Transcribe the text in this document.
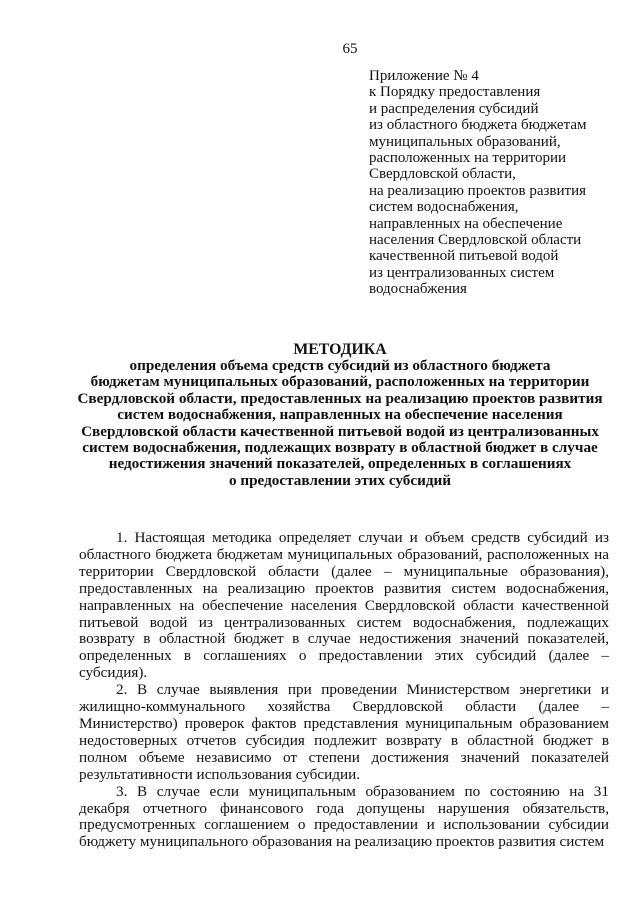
65
Приложение № 4
к Порядку предоставления
и распределения субсидий
из областного бюджета бюджетам
муниципальных образований,
расположенных на территории
Свердловской области,
на реализацию проектов развития
систем водоснабжения,
направленных на обеспечение
населения Свердловской области
качественной питьевой водой
из централизованных систем
водоснабжения
МЕТОДИКА
определения объема средств субсидий из областного бюджета
бюджетам муниципальных образований, расположенных на территории
Свердловской области, предоставленных на реализацию проектов развития
систем водоснабжения, направленных на обеспечение населения
Свердловской области качественной питьевой водой из централизованных
систем водоснабжения, подлежащих возврату в областной бюджет в случае
недостижения значений показателей, определенных в соглашениях
о предоставлении этих субсидий

1. Настоящая методика определяет случаи и объем средств субсидий из областного бюджета бюджетам муниципальных образований, расположенных на территории Свердловской области (далее – муниципальные образования), предоставленных на реализацию проектов развития систем водоснабжения, направленных на обеспечение населения Свердловской области качественной питьевой водой из централизованных систем водоснабжения, подлежащих возврату в областной бюджет в случае недостижения значений показателей, определенных в соглашениях о предоставлении этих субсидий (далее – субсидия).

2. В случае выявления при проведении Министерством энергетики и жилищно-коммунального хозяйства Свердловской области (далее – Министерство) проверок фактов представления муниципальным образованием недостоверных отчетов субсидия подлежит возврату в областной бюджет в полном объеме независимо от степени достижения значений показателей результативности использования субсидии.

3. В случае если муниципальным образованием по состоянию на 31 декабря отчетного финансового года допущены нарушения обязательств, предусмотренных соглашением о предоставлении и использовании субсидии бюджету муниципального образования на реализацию проектов развития систем
